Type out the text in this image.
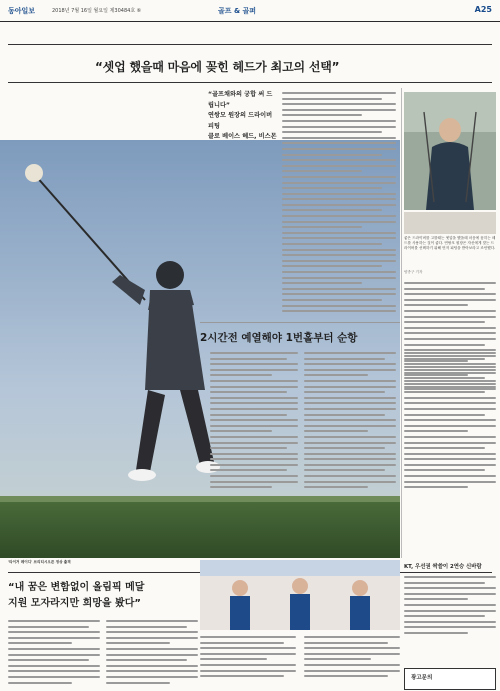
동아일보	2018년 7월 16일 월요일 제30484호 ⑥	골프 & 골퍼	A25
“셋업 했을때 마음에 꽂힌 헤드가 최고의 선택”
“골프채와의 궁합 써 드립니다”
연쌍모 원장의 드라이버 피팅
클로 베이스 헤드, 비스몬
'타이거 레이디' 브리티시오픈 정상 출격
좋은 드라이버를 고를때는 셋업을 했을때 마음에 꽂히는 헤드를 사용하는 것이 좋다. 연쌍모 원장은 자신에게 맞는 드라이버를 선택하기 위해 먼저 피팅을 받아보라고 조언했다.
양종구 기자
2시간전 예열해야 1번홀부터 순항
“내 꿈은 변함없이 올림픽 메달
지원 모자라지만 희망을 봤다”
KT, 우선권 싹쓸이 2연승 신바람
광고문의
